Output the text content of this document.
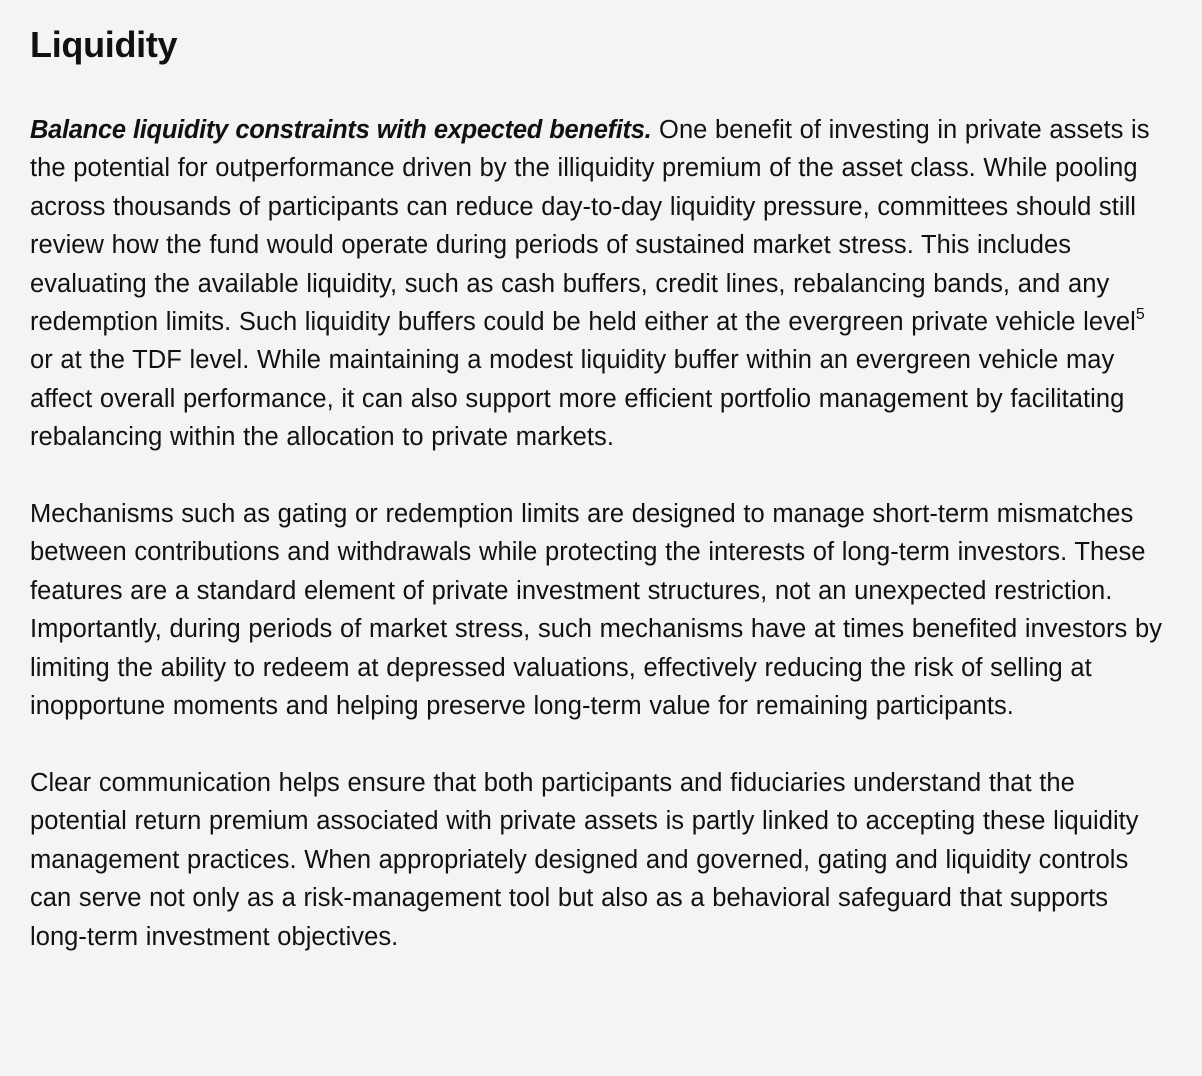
Liquidity

Balance liquidity constraints with expected benefits. One benefit of investing in private assets is the potential for outperformance driven by the illiquidity premium of the asset class. While pooling across thousands of participants can reduce day-to-day liquidity pressure, committees should still review how the fund would operate during periods of sustained market stress. This includes evaluating the available liquidity, such as cash buffers, credit lines, rebalancing bands, and any redemption limits. Such liquidity buffers could be held either at the evergreen private vehicle level$^5$ or at the TDF level. While maintaining a modest liquidity buffer within an evergreen vehicle may affect overall performance, it can also support more efficient portfolio management by facilitating rebalancing within the allocation to private markets.

Mechanisms such as gating or redemption limits are designed to manage short-term mismatches between contributions and withdrawals while protecting the interests of long-term investors. These features are a standard element of private investment structures, not an unexpected restriction. Importantly, during periods of market stress, such mechanisms have at times benefited investors by limiting the ability to redeem at depressed valuations, effectively reducing the risk of selling at inopportune moments and helping preserve long-term value for remaining participants.

Clear communication helps ensure that both participants and fiduciaries understand that the potential return premium associated with private assets is partly linked to accepting these liquidity management practices. When appropriately designed and governed, gating and liquidity controls can serve not only as a risk-management tool but also as a behavioral safeguard that supports long-term investment objectives.
